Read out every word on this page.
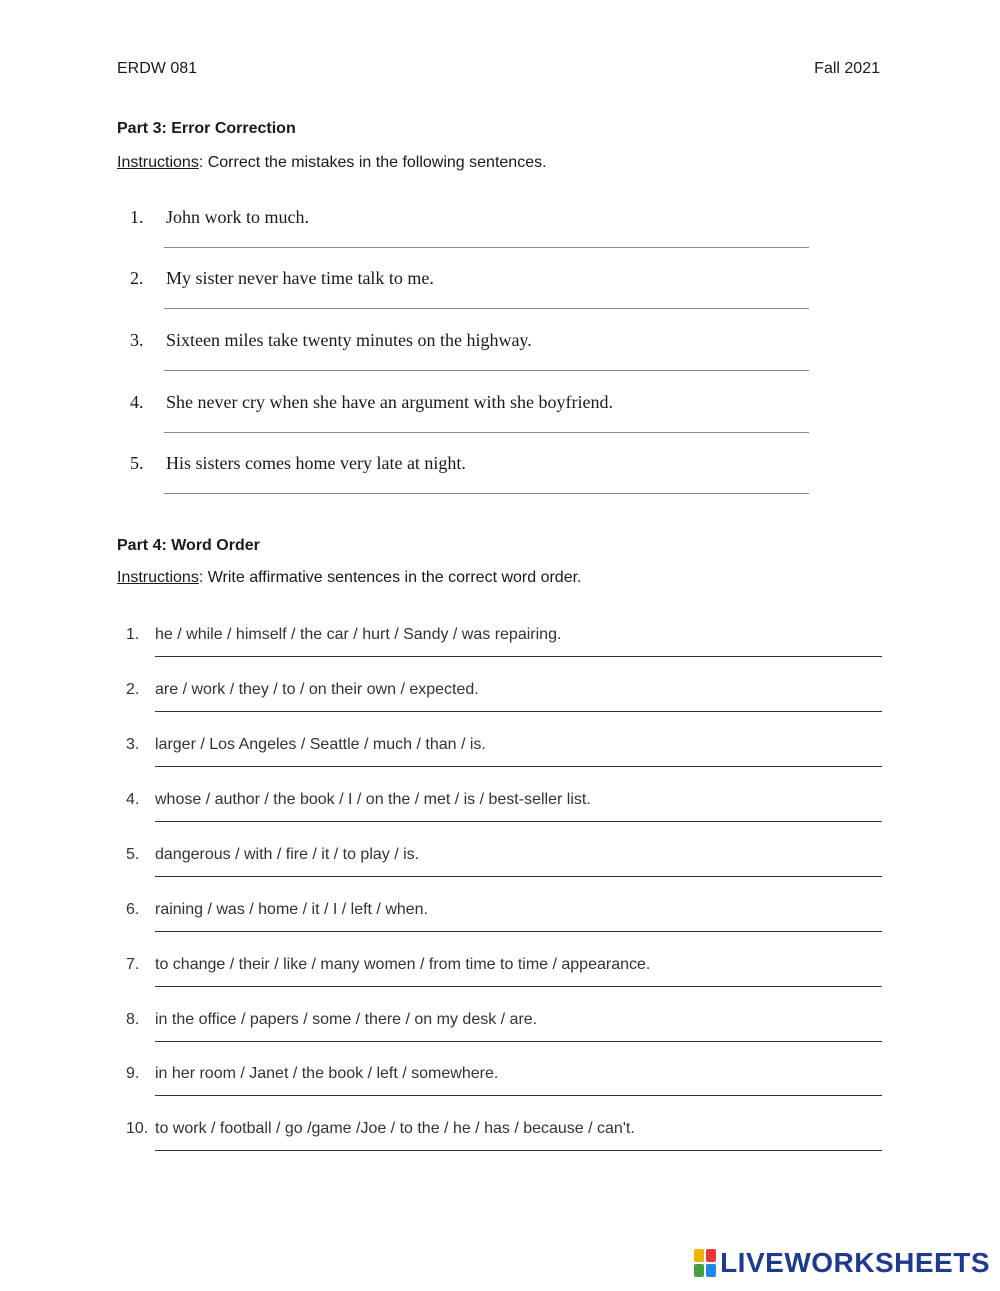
ERDW 081	Fall 2021
Part 3: Error Correction
Instructions: Correct the mistakes in the following sentences.
1. John work to much.
2. My sister never have time talk to me.
3. Sixteen miles take twenty minutes on the highway.
4. She never cry when she have an argument with she boyfriend.
5. His sisters comes home very late at night.
Part 4: Word Order
Instructions: Write affirmative sentences in the correct word order.
1. he / while / himself / the car / hurt / Sandy / was repairing.
2. are / work / they / to / on their own / expected.
3. larger / Los Angeles / Seattle / much / than / is.
4. whose / author / the book / I / on the / met / is / best-seller list.
5. dangerous / with / fire / it / to play / is.
6. raining / was / home / it / I / left / when.
7. to change / their / like / many women / from time to time / appearance.
8. in the office / papers / some / there / on my desk / are.
9. in her room / Janet / the book / left / somewhere.
10. to work / football / go /game /Joe / to the / he / has / because / can't.
LIVEWORKSHEETS
